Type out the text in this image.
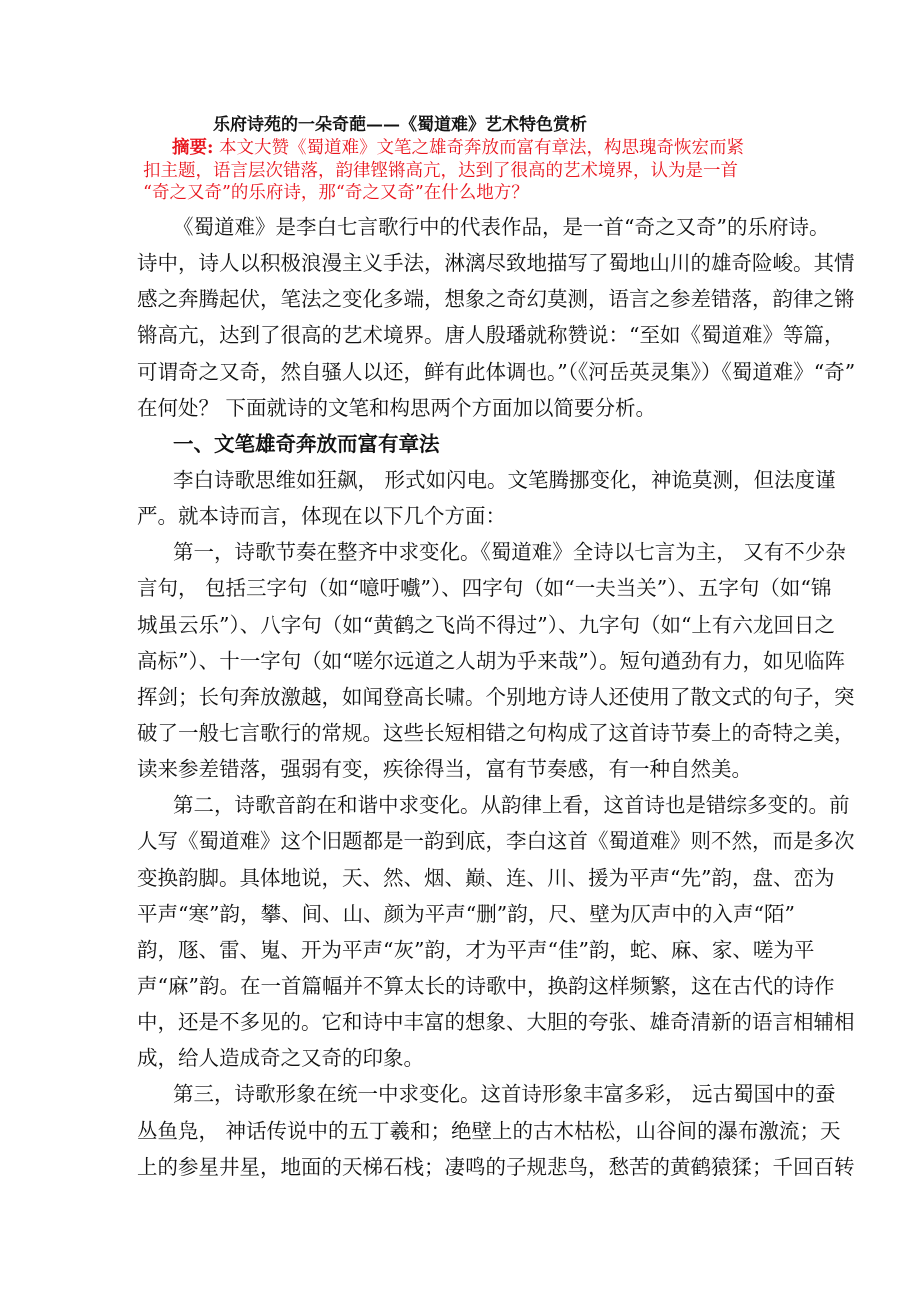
乐府诗苑的一朵奇葩——《蜀道难》艺术特色赏析
摘要: 本文大赞《蜀道难》文笔之雄奇奔放而富有章法，构思瑰奇恢宏而紧
扣主题，语言层次错落，韵律铿锵高亢，达到了很高的艺术境界，认为是一首
“奇之又奇”的乐府诗，那“奇之又奇”在什么地方？
《蜀道难》是李白七言歌行中的代表作品，是一首“奇之又奇”的乐府诗。
诗中，诗人以积极浪漫主义手法，淋漓尽致地描写了蜀地山川的雄奇险峻。其情
感之奔腾起伏，笔法之变化多端，想象之奇幻莫测，语言之参差错落，韵律之锵
锵高亢，达到了很高的艺术境界。唐人殷璠就称赞说：“至如《蜀道难》等篇，
可谓奇之又奇，然自骚人以还，鲜有此体调也。”（《河岳英灵集》）《蜀道难》“奇”
在何处？ 下面就诗的文笔和构思两个方面加以简要分析。
一、文笔雄奇奔放而富有章法
李白诗歌思维如狂飙， 形式如闪电。文笔腾挪变化，神诡莫测，但法度谨
严。就本诗而言，体现在以下几个方面：
第一，诗歌节奏在整齐中求变化。《蜀道难》全诗以七言为主， 又有不少杂
言句， 包括三字句（如“噫吁嚱”）、四字句（如“一夫当关”）、五字句（如“锦
城虽云乐”）、八字句（如“黄鹤之飞尚不得过”）、九字句（如“上有六龙回日之
高标”）、十一字句（如“嗟尔远道之人胡为乎来哉”）。短句遒劲有力，如见临阵
挥剑；长句奔放激越，如闻登高长啸。个别地方诗人还使用了散文式的句子，突
破了一般七言歌行的常规。这些长短相错之句构成了这首诗节奏上的奇特之美，
读来参差错落，强弱有变，疾徐得当，富有节奏感，有一种自然美。
第二，诗歌音韵在和谐中求变化。从韵律上看，这首诗也是错综多变的。前
人写《蜀道难》这个旧题都是一韵到底，李白这首《蜀道难》则不然，而是多次
变换韵脚。具体地说，天、然、烟、巅、连、川、援为平声“先”韵，盘、峦为
平声“寒”韵，攀、间、山、颜为平声“删”韵，尺、壁为仄声中的入声“陌”
韵，豗、雷、嵬、开为平声“灰”韵，才为平声“佳”韵，蛇、麻、家、嗟为平
声“麻”韵。在一首篇幅并不算太长的诗歌中，换韵这样频繁，这在古代的诗作
中，还是不多见的。它和诗中丰富的想象、大胆的夸张、雄奇清新的语言相辅相
成，给人造成奇之又奇的印象。
第三，诗歌形象在统一中求变化。这首诗形象丰富多彩， 远古蜀国中的蚕
丛鱼凫， 神话传说中的五丁羲和；绝壁上的古木枯松，山谷间的瀑布激流；天
上的参星井星，地面的天梯石栈；凄鸣的子规悲鸟，愁苦的黄鹤猿猱；千回百转
